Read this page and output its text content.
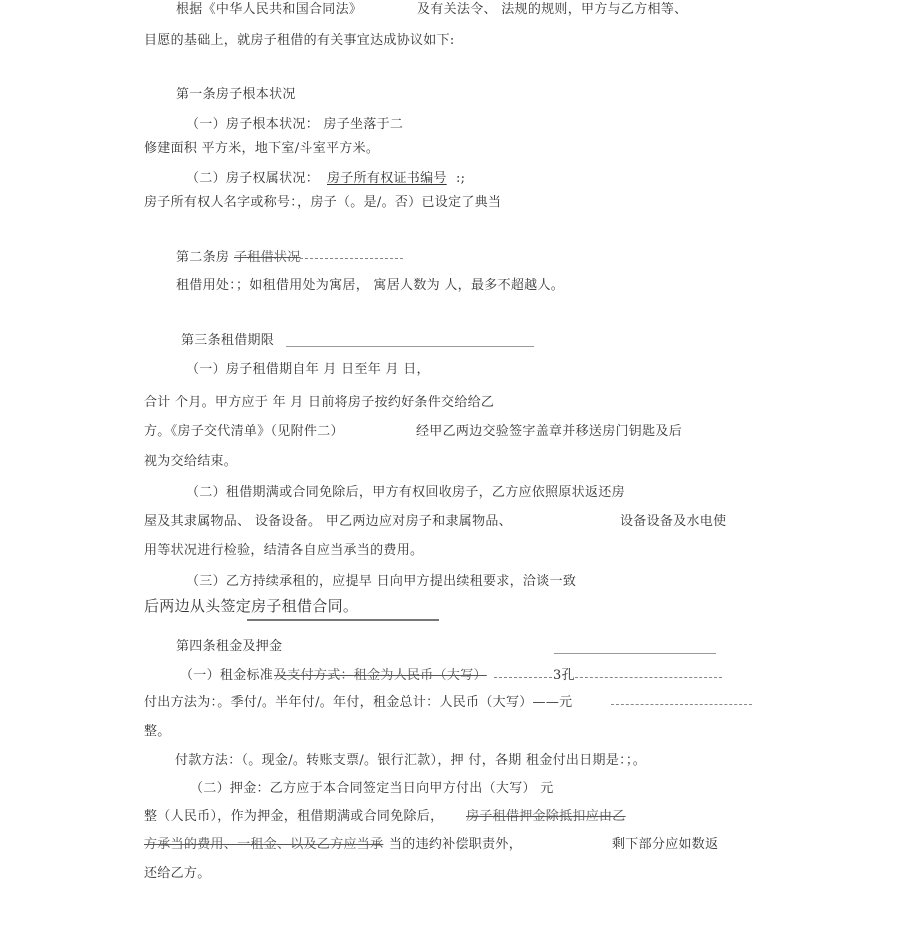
根据《中华人民共和国合同法》	及有关法令、 法规的规则，甲方与乙方相等、
目愿的基础上，就房子租借的有关事宜达成协议如下:
第一条房子根本状况
（一）房子根本状况： 房子坐落于二
修建面积 平方米，地下室/斗室平方米。
（二）房子权属状况： 房子所有权证书编号 :;
房子所有权人名字或称号：，房子（。是/。否）已设定了典当
第二条房 子租借状况
租借用处：；如租借用处为寓居， 寓居人数为 人，最多不超越人。
第三条租借期限
（一）房子租借期自年 月 日至年 月 日，
合计 个月。甲方应于 年 月 日前将房子按约好条件交给给乙
方。《房子交代清单》（见附件二）	经甲乙两边交验签字盖章并移送房门钥匙及后
视为交给结束。
（二）租借期满或合同免除后，甲方有权回收房子，乙方应依照原状返还房
屋及其隶属物品、 设备设备。 甲乙两边应对房子和隶属物品、	设备设备及水电使
用等状况进行检验，结清各自应当承当的费用。
（三）乙方持续承租的，应提早 日向甲方提出续租要求，洽谈一致
后两边从头签定房子租借合同。
第四条租金及押金
（一）租金标准 及支付方式：租金为人民币（大写）	3孔
付出方法为：。季付/。半年付/。年付，租金总计：人民币（大写）——元
整。
付款方法：（。现金/。转账支票/。银行汇款），押 付，各期 租金付出日期是：；。
（二）押金：乙方应于本合同签定当日向甲方付出（大写） 元
整（人民币），作为押金，租借期满或合同免除后， 房子租借押金除抵扣应由乙
方承当的费用、一租金、以及乙方应当承 当的违约补偿职责外，	剩下部分应如数返
还给乙方。
